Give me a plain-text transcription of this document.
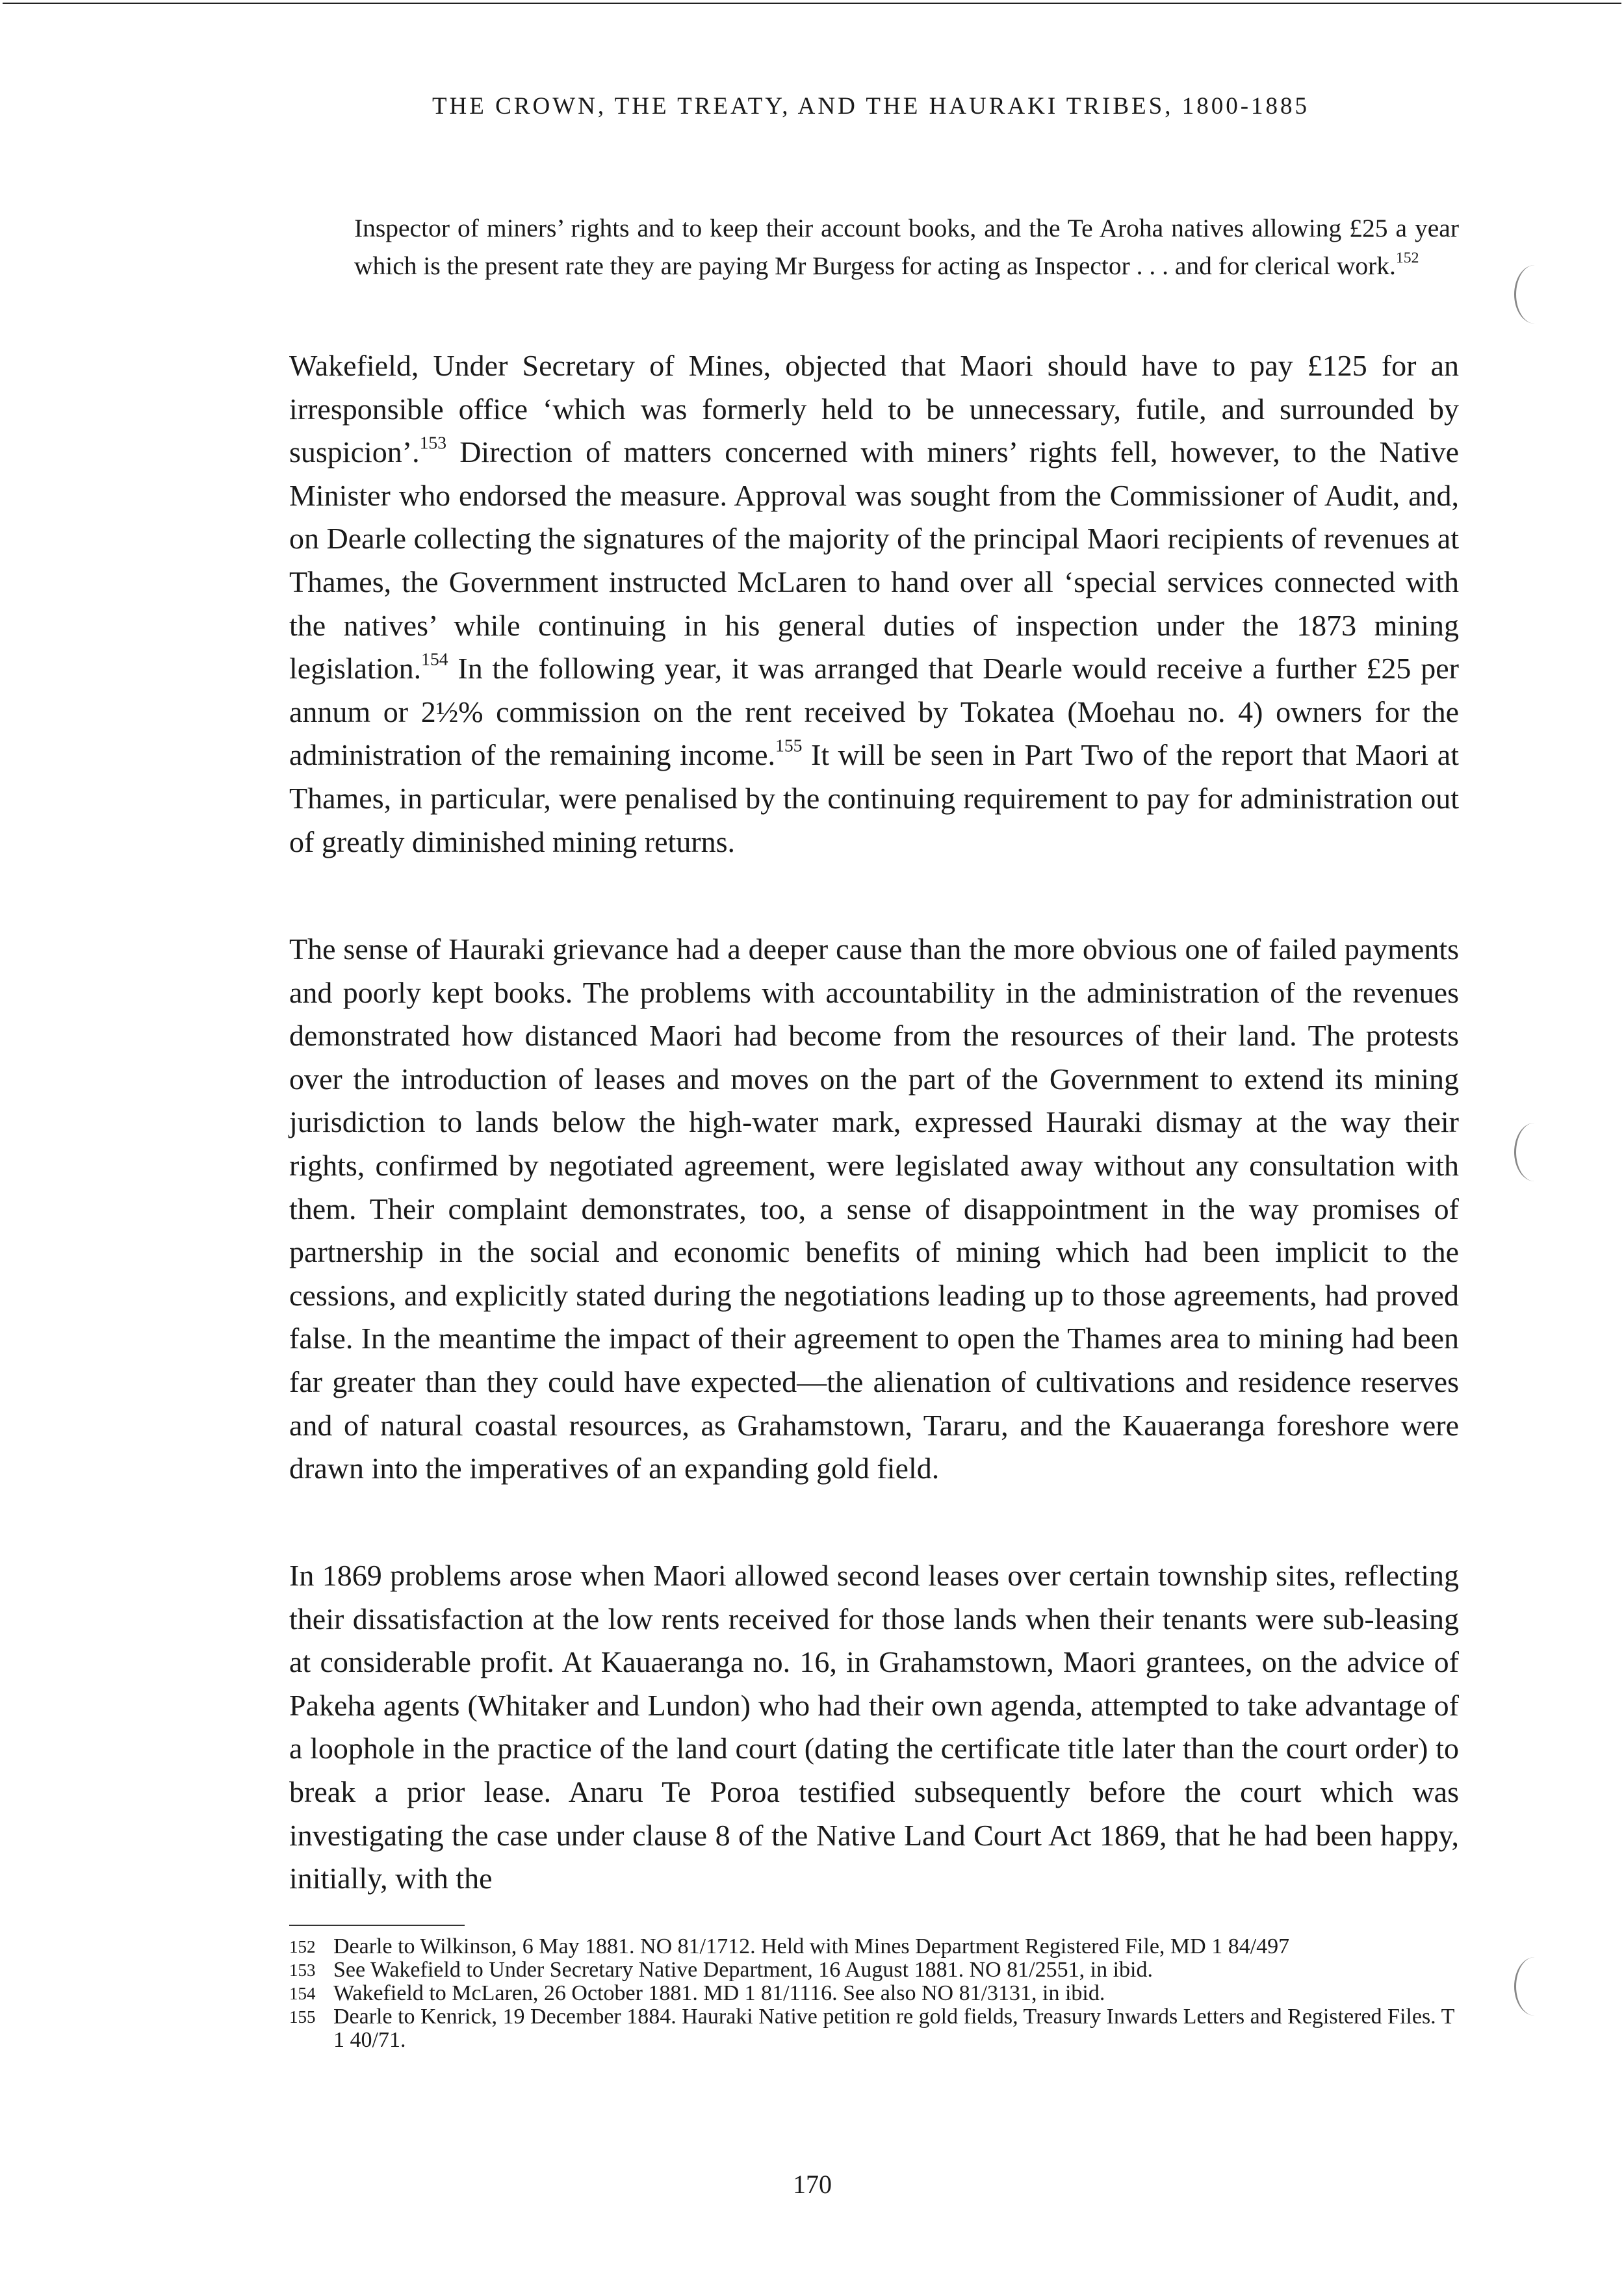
THE CROWN, THE TREATY, AND THE HAURAKI TRIBES, 1800-1885
Inspector of miners’ rights and to keep their account books, and the Te Aroha natives allowing £25 a year which is the present rate they are paying Mr Burgess for acting as Inspector . . . and for clerical work.$^{152}$

Wakefield, Under Secretary of Mines, objected that Maori should have to pay £125 for an irresponsible office ‘which was formerly held to be unnecessary, futile, and surrounded by suspicion’.$^{153}$ Direction of matters concerned with miners’ rights fell, however, to the Native Minister who endorsed the measure. Approval was sought from the Commissioner of Audit, and, on Dearle collecting the signatures of the majority of the principal Maori recipients of revenues at Thames, the Government instructed McLaren to hand over all ‘special services connected with the natives’ while continuing in his general duties of inspection under the 1873 mining legislation.$^{154}$ In the following year, it was arranged that Dearle would receive a further £25 per annum or 2½% commission on the rent received by Tokatea (Moehau no. 4) owners for the administration of the remaining income.$^{155}$ It will be seen in Part Two of the report that Maori at Thames, in particular, were penalised by the continuing requirement to pay for administration out of greatly diminished mining returns.

The sense of Hauraki grievance had a deeper cause than the more obvious one of failed payments and poorly kept books. The problems with accountability in the administration of the revenues demonstrated how distanced Maori had become from the resources of their land. The protests over the introduction of leases and moves on the part of the Government to extend its mining jurisdiction to lands below the high-water mark, expressed Hauraki dismay at the way their rights, confirmed by negotiated agreement, were legislated away without any consultation with them. Their complaint demonstrates, too, a sense of disappointment in the way promises of partnership in the social and economic benefits of mining which had been implicit to the cessions, and explicitly stated during the negotiations leading up to those agreements, had proved false. In the meantime the impact of their agreement to open the Thames area to mining had been far greater than they could have expected—the alienation of cultivations and residence reserves and of natural coastal resources, as Grahamstown, Tararu, and the Kauaeranga foreshore were drawn into the imperatives of an expanding gold field.

In 1869 problems arose when Maori allowed second leases over certain township sites, reflecting their dissatisfaction at the low rents received for those lands when their tenants were sub-leasing at considerable profit. At Kauaeranga no. 16, in Grahamstown, Maori grantees, on the advice of Pakeha agents (Whitaker and Lundon) who had their own agenda, attempted to take advantage of a loophole in the practice of the land court (dating the certificate title later than the court order) to break a prior lease. Anaru Te Poroa testified subsequently before the court which was investigating the case under clause 8 of the Native Land Court Act 1869, that he had been happy, initially, with the

152 Dearle to Wilkinson, 6 May 1881. NO 81/1712. Held with Mines Department Registered File, MD 1 84/497
153 See Wakefield to Under Secretary Native Department, 16 August 1881. NO 81/2551, in ibid.
154 Wakefield to McLaren, 26 October 1881. MD 1 81/1116. See also NO 81/3131, in ibid.
155 Dearle to Kenrick, 19 December 1884. Hauraki Native petition re gold fields, Treasury Inwards Letters and Registered Files. T 1 40/71.
170
